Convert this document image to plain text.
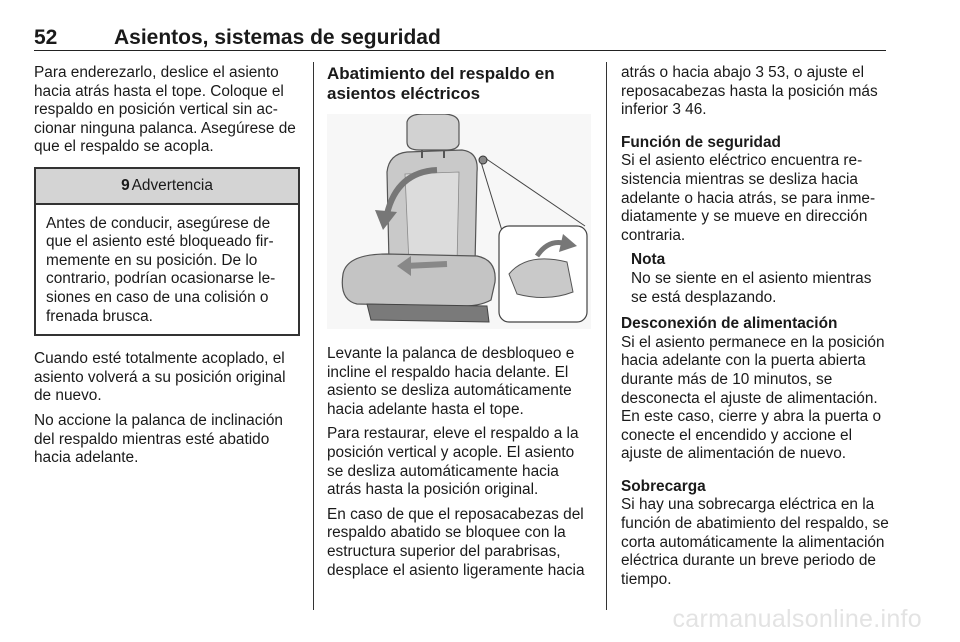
52	Asientos, sistemas de seguridad

Para enderezarlo, deslice el asiento hacia atrás hasta el tope. Coloque el respaldo en posición vertical sin accionar ninguna palanca. Asegúrese de que el respaldo se acopla.

9 Advertencia
Antes de conducir, asegúrese de que el asiento esté bloqueado firmemente en su posición. De lo contrario, podrían ocasionarse lesiones en caso de una colisión o frenada brusca.

Cuando esté totalmente acoplado, el asiento volverá a su posición original de nuevo.

No accione la palanca de inclinación del respaldo mientras esté abatido hacia adelante.

Abatimiento del respaldo en asientos eléctricos

Levante la palanca de desbloqueo e incline el respaldo hacia delante. El asiento se desliza automáticamente hacia adelante hasta el tope.

Para restaurar, eleve el respaldo a la posición vertical y acople. El asiento se desliza automáticamente hacia atrás hasta la posición original.

En caso de que el reposacabezas del respaldo abatido se bloquee con la estructura superior del parabrisas, desplace el asiento ligeramente hacia

atrás o hacia abajo 3 53, o ajuste el reposacabezas hasta la posición más inferior 3 46.

Función de seguridad

Si el asiento eléctrico encuentra resistencia mientras se desliza hacia adelante o hacia atrás, se para inmediatamente y se mueve en dirección contraria.

Nota
No se siente en el asiento mientras se está desplazando.
Desconexión de alimentación

Si el asiento permanece en la posición hacia adelante con la puerta abierta durante más de 10 minutos, se desconecta el ajuste de alimentación. En este caso, cierre y abra la puerta o conecte el encendido y accione el ajuste de alimentación de nuevo.

Sobrecarga

Si hay una sobrecarga eléctrica en la función de abatimiento del respaldo, se corta automáticamente la alimentación eléctrica durante un breve periodo de tiempo.

carmanualsonline.info
